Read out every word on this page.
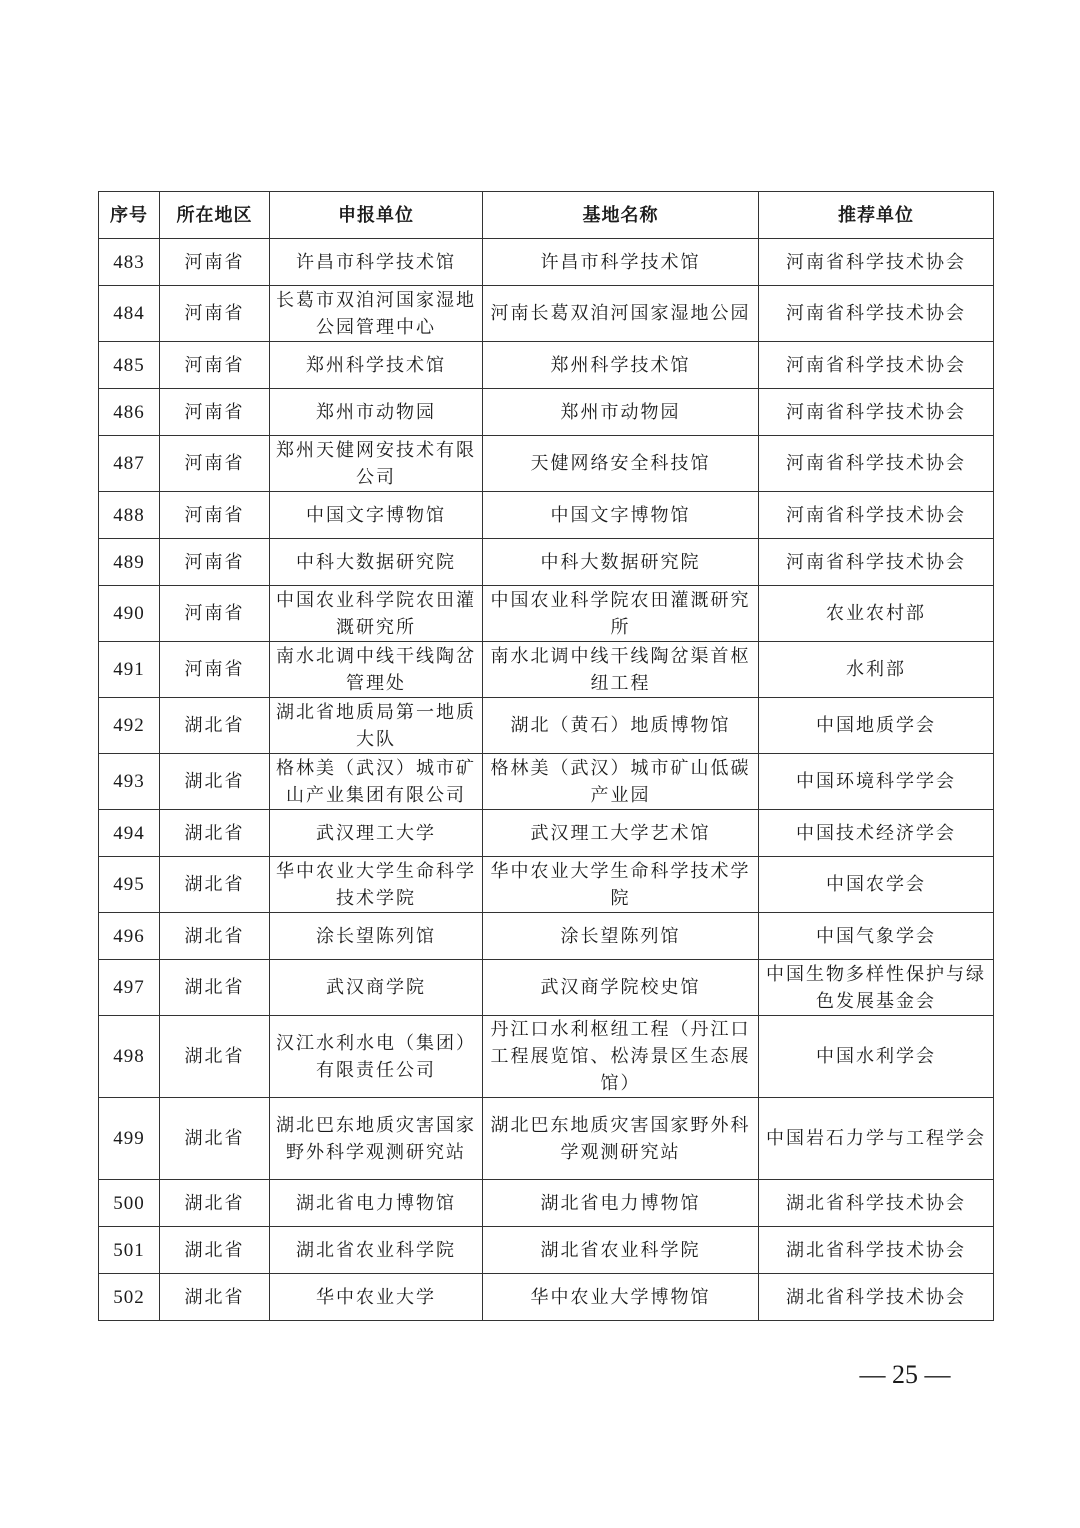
序号	所在地区	申报单位	基地名称	推荐单位
483	河南省	许昌市科学技术馆	许昌市科学技术馆	河南省科学技术协会
484	河南省	长葛市双洎河国家湿地公园管理中心	河南长葛双洎河国家湿地公园	河南省科学技术协会
485	河南省	郑州科学技术馆	郑州科学技术馆	河南省科学技术协会
486	河南省	郑州市动物园	郑州市动物园	河南省科学技术协会
487	河南省	郑州天健网安技术有限公司	天健网络安全科技馆	河南省科学技术协会
488	河南省	中国文字博物馆	中国文字博物馆	河南省科学技术协会
489	河南省	中科大数据研究院	中科大数据研究院	河南省科学技术协会
490	河南省	中国农业科学院农田灌溉研究所	中国农业科学院农田灌溉研究所	农业农村部
491	河南省	南水北调中线干线陶岔管理处	南水北调中线干线陶岔渠首枢纽工程	水利部
492	湖北省	湖北省地质局第一地质大队	湖北（黄石）地质博物馆	中国地质学会
493	湖北省	格林美（武汉）城市矿山产业集团有限公司	格林美（武汉）城市矿山低碳产业园	中国环境科学学会
494	湖北省	武汉理工大学	武汉理工大学艺术馆	中国技术经济学会
495	湖北省	华中农业大学生命科学技术学院	华中农业大学生命科学技术学院	中国农学会
496	湖北省	涂长望陈列馆	涂长望陈列馆	中国气象学会
497	湖北省	武汉商学院	武汉商学院校史馆	中国生物多样性保护与绿色发展基金会
498	湖北省	汉江水利水电（集团）有限责任公司	丹江口水利枢纽工程（丹江口工程展览馆、松涛景区生态展馆）	中国水利学会
499	湖北省	湖北巴东地质灾害国家野外科学观测研究站	湖北巴东地质灾害国家野外科学观测研究站	中国岩石力学与工程学会
500	湖北省	湖北省电力博物馆	湖北省电力博物馆	湖北省科学技术协会
501	湖北省	湖北省农业科学院	湖北省农业科学院	湖北省科学技术协会
502	湖北省	华中农业大学	华中农业大学博物馆	湖北省科学技术协会
— 25 —
